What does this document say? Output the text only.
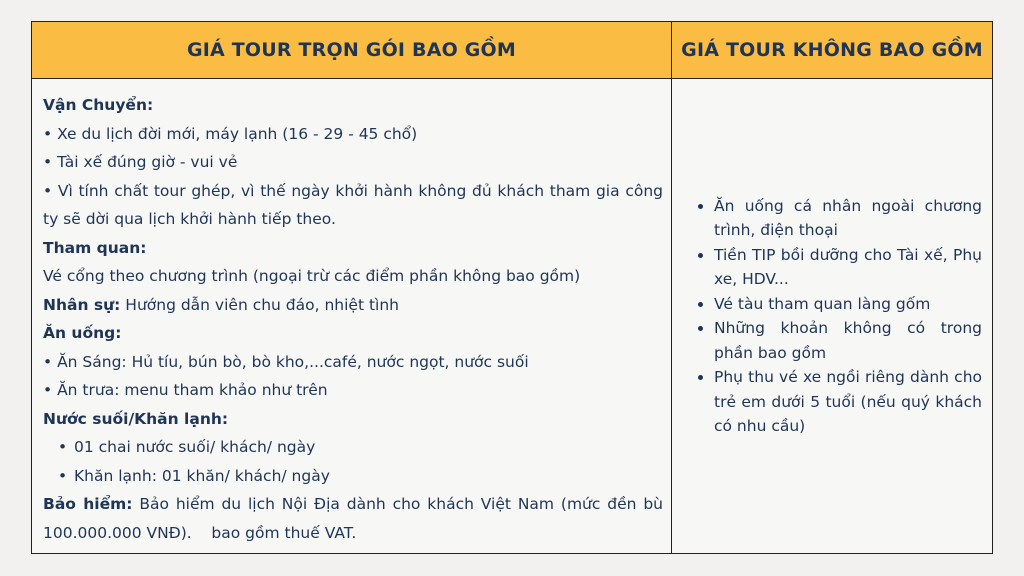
GIÁ TOUR TRỌN GÓI BAO GỒM	GIÁ TOUR KHÔNG BAO GỒM
Vận Chuyển:
• Xe du lịch đời mới, máy lạnh (16 - 29 - 45 chổ)
• Tài xế đúng giờ - vui vẻ
• Vì tính chất tour ghép, vì thế ngày khởi hành không đủ khách tham gia công ty sẽ dời qua lịch khởi hành tiếp theo.
Tham quan:
Vé cổng theo chương trình (ngoại trừ các điểm phần không bao gồm)
Nhân sự: Hướng dẫn viên chu đáo, nhiệt tình
Ăn uống:
• Ăn Sáng: Hủ tíu, bún bò, bò kho,...café, nước ngọt, nước suối
• Ăn trưa: menu tham khảo như trên
Nước suối/Khăn lạnh:
• 01 chai nước suối/ khách/ ngày
• Khăn lạnh: 01 khăn/ khách/ ngày
Bảo hiểm: Bảo hiểm du lịch Nội Địa dành cho khách Việt Nam (mức đền bù 100.000.000 VNĐ).    bao gồm thuế VAT.
• Ăn uống cá nhân ngoài chương trình, điện thoại
• Tiền TIP bồi dưỡng cho Tài xế, Phụ xe, HDV...
• Vé tàu tham quan làng gốm
• Những khoản không có trong phần bao gồm
• Phụ thu vé xe ngồi riêng dành cho trẻ em dưới 5 tuổi (nếu quý khách có nhu cầu)
